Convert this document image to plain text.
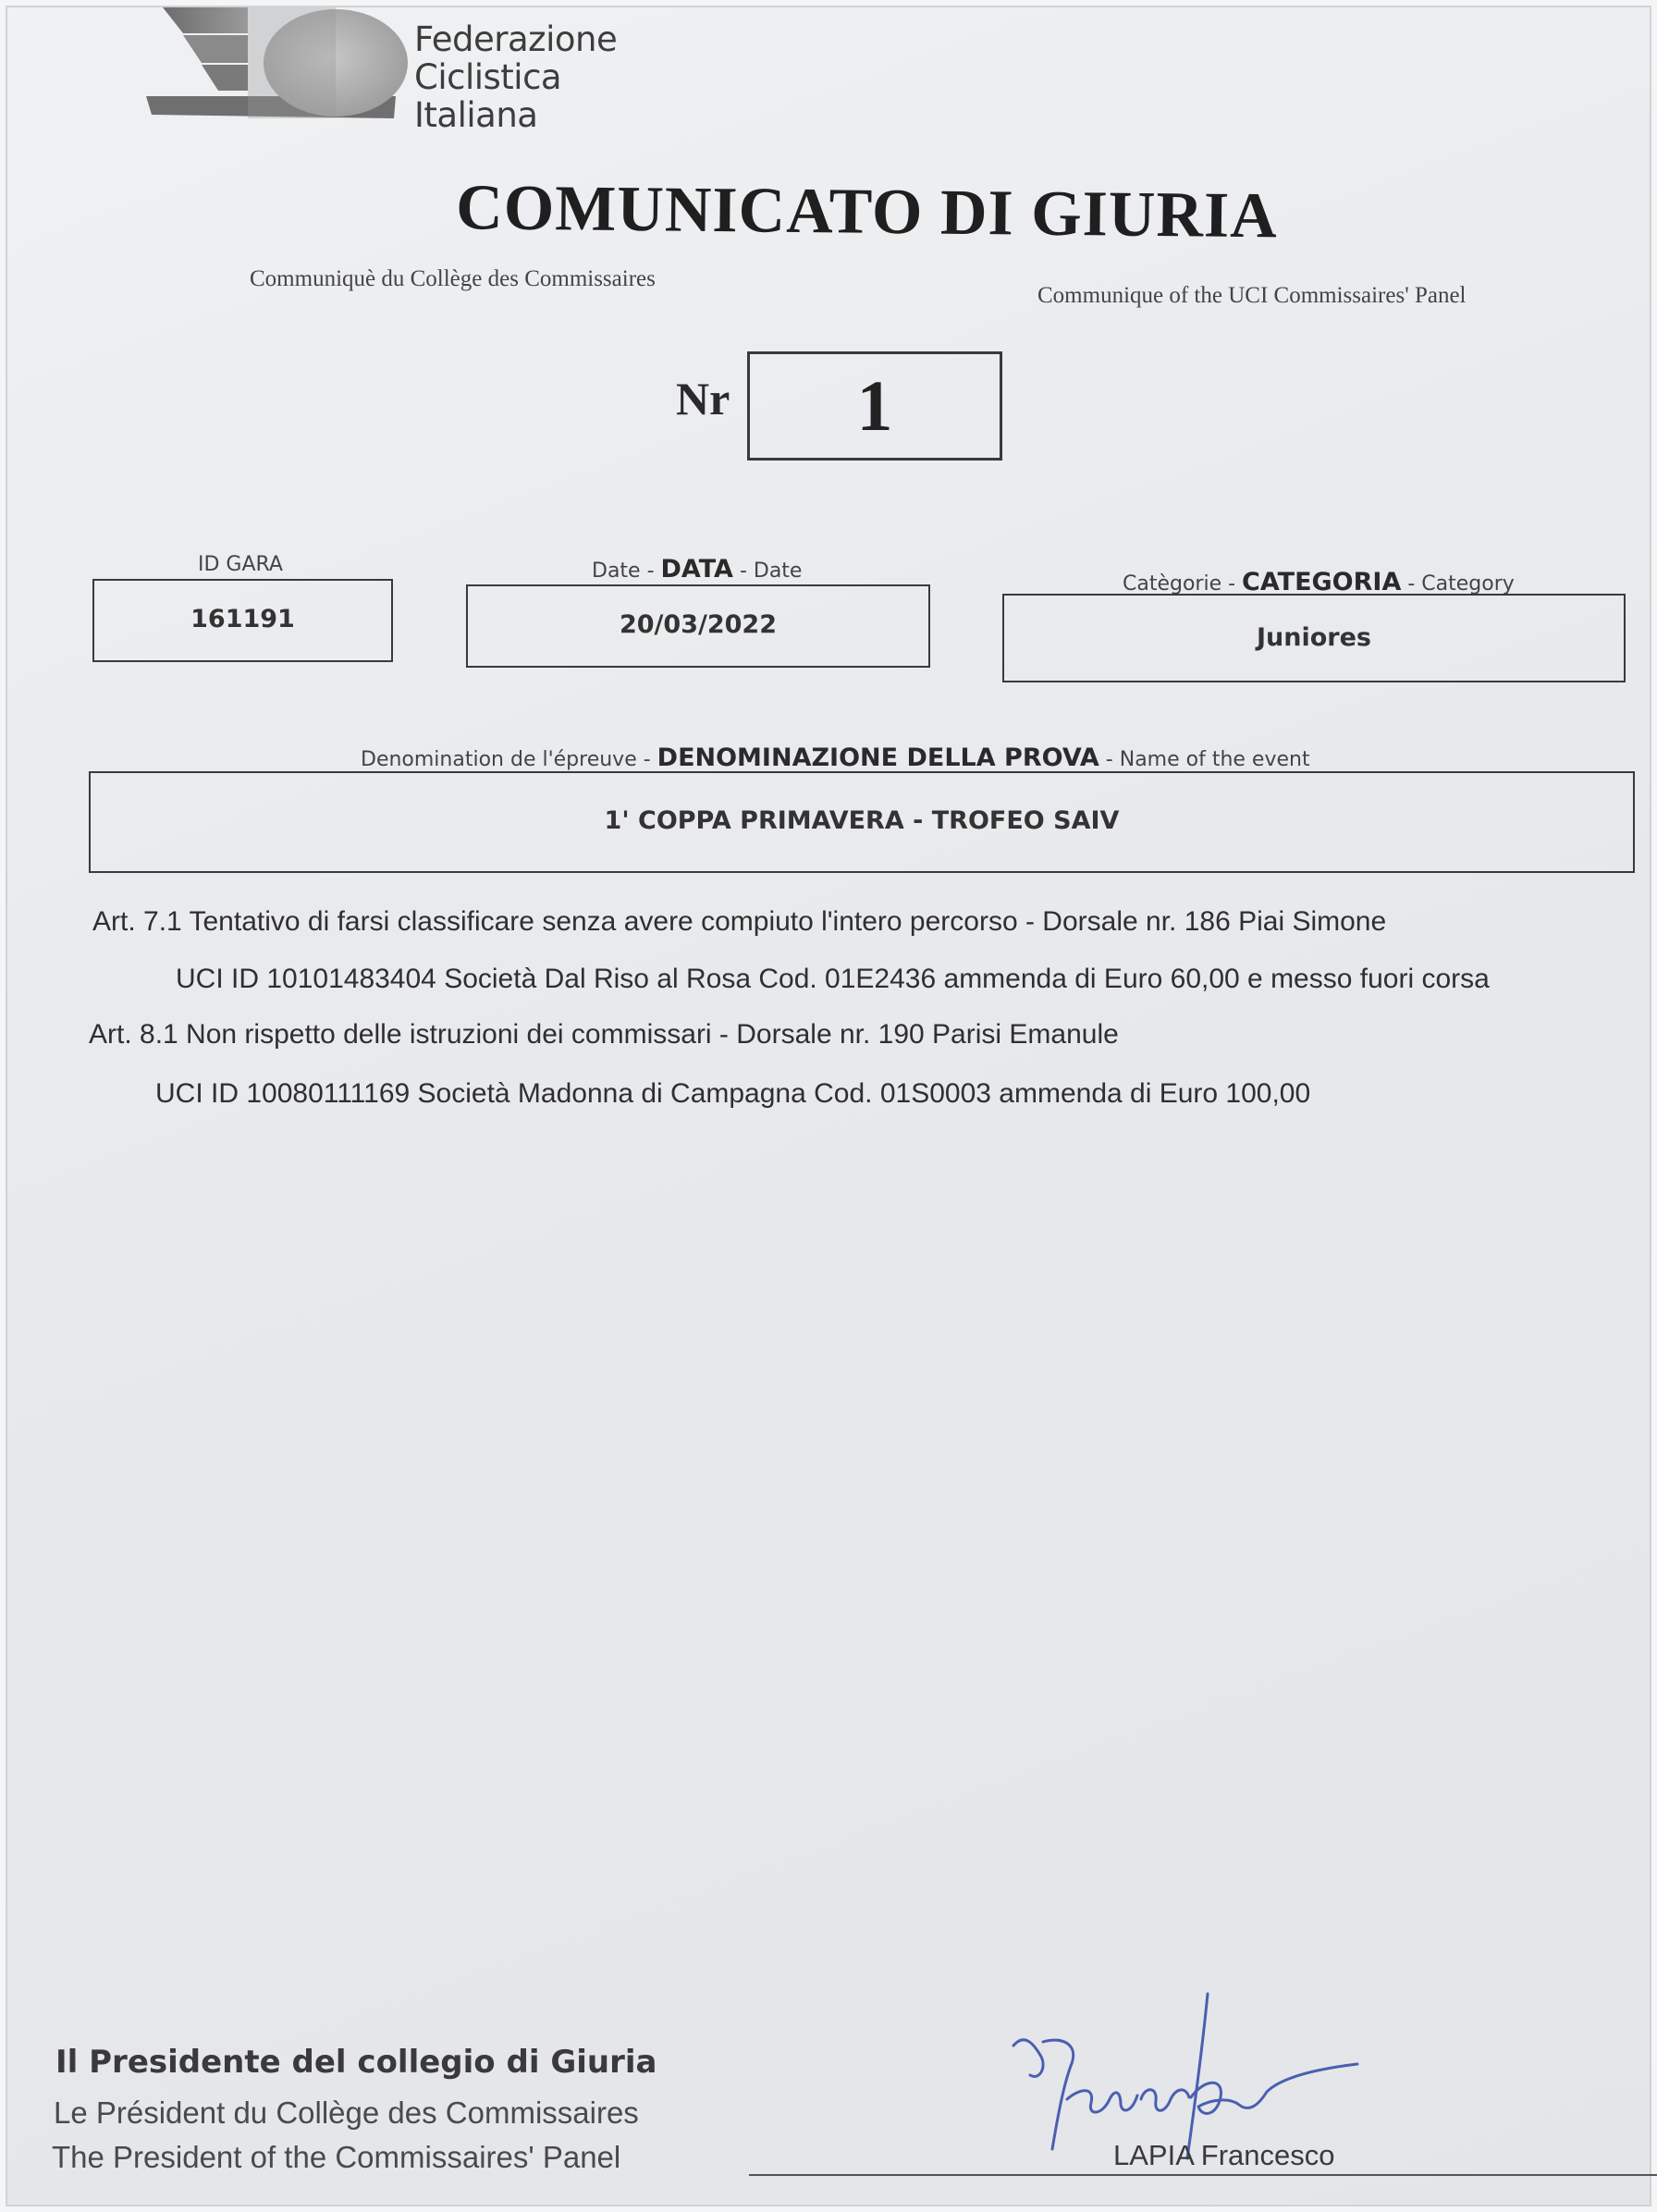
Federazione
Ciclistica
Italiana
COMUNICATO DI GIURIA
Communiquè du Collège des Commissaires
Communique of the UCI Commissaires' Panel
Nr	1
ID GARA
161191
Date - DATA - Date
20/03/2022
Catègorie - CATEGORIA - Category
Juniores
Denomination de l'épreuve - DENOMINAZIONE DELLA PROVA - Name of the event
1' COPPA PRIMAVERA - TROFEO SAIV
Art. 7.1 Tentativo di farsi classificare senza avere compiuto l'intero percorso - Dorsale nr. 186 Piai Simone
UCI ID 10101483404 Società Dal Riso al Rosa Cod. 01E2436 ammenda di Euro 60,00 e messo fuori corsa
Art. 8.1 Non rispetto delle istruzioni dei commissari - Dorsale nr. 190 Parisi Emanule
UCI ID 10080111169 Società Madonna di Campagna Cod. 01S0003 ammenda di Euro 100,00
Il Presidente del collegio di Giuria
Le Président du Collège des Commissaires
The President of the Commissaires' Panel	LAPIA Francesco
